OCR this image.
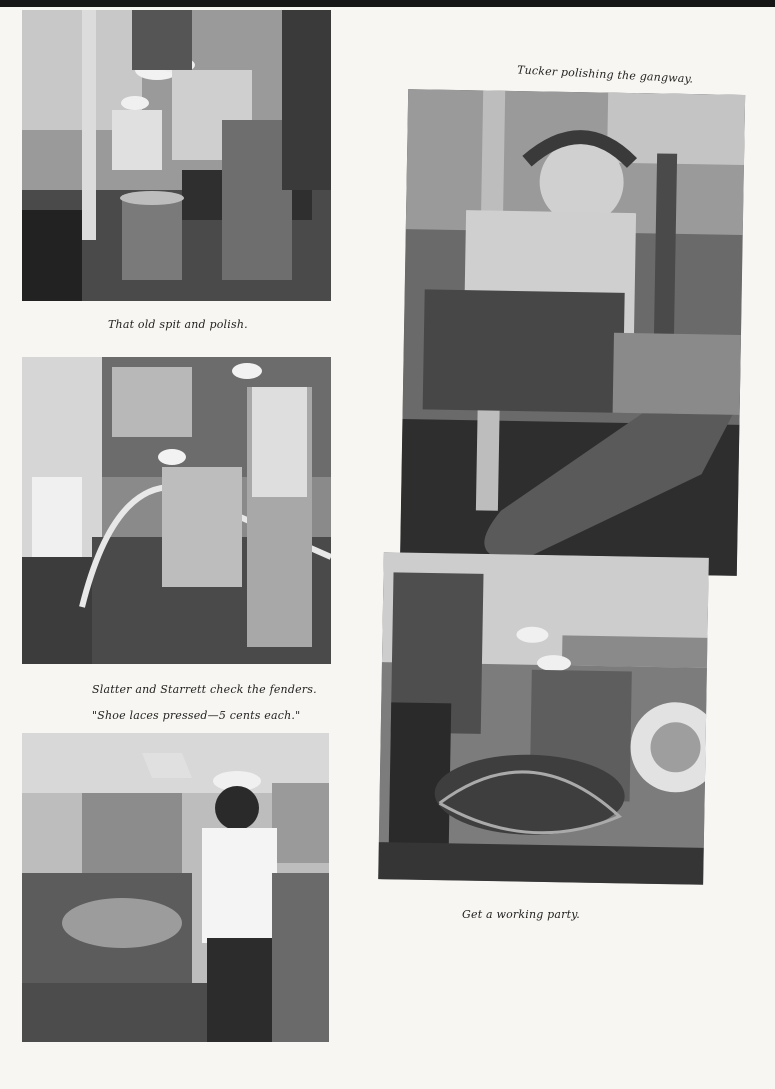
That old spit and polish.
Slatter and Starrett check the fenders.
"Shoe laces pressed—5 cents each."
Tucker polishing the gangway.
Get a working party.
